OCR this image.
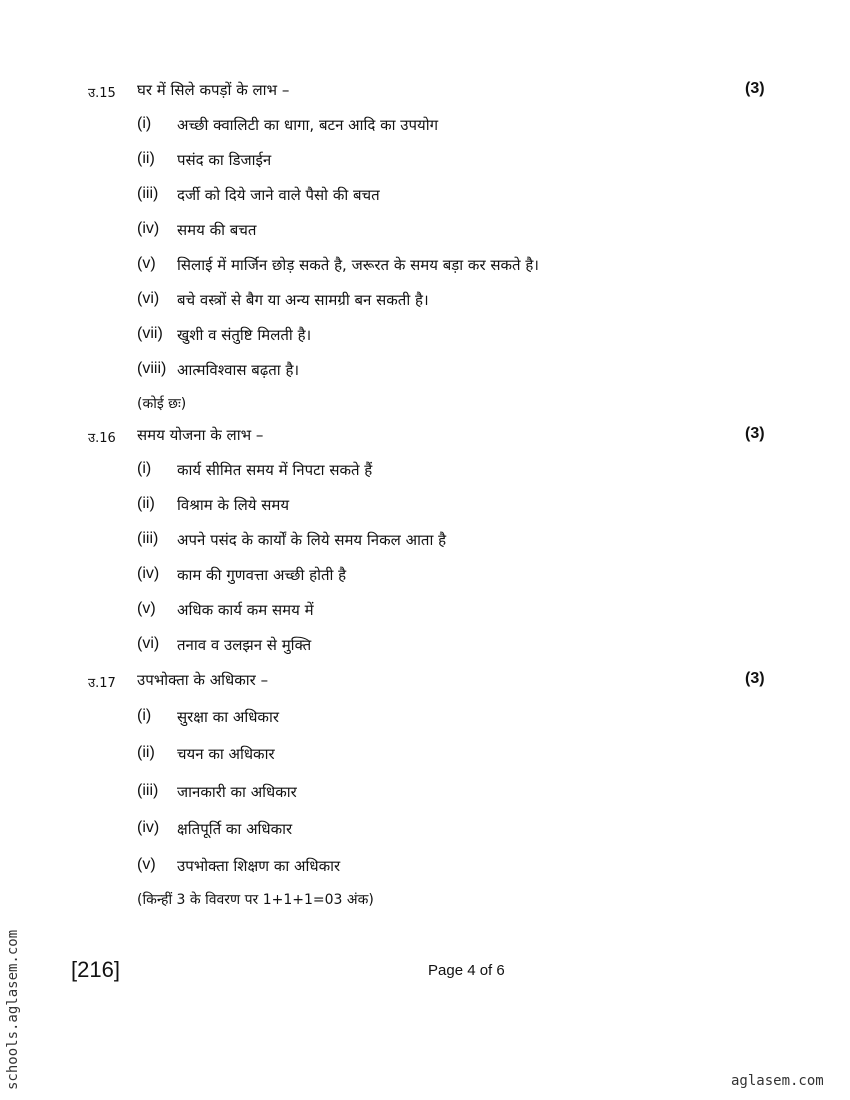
उ.15 घर में सिले कपड़ों के लाभ –	(3)
(i) अच्छी क्वालिटी का धागा, बटन आदि का उपयोग
(ii) पसंद का डिजाईन
(iii) दर्जी को दिये जाने वाले पैसो की बचत
(iv) समय की बचत
(v) सिलाई में मार्जिन छोड़ सकते है, जरूरत के समय बड़ा कर सकते है।
(vi) बचे वस्त्रों से बैग या अन्य सामग्री बन सकती है।
(vii) खुशी व संतुष्टि मिलती है।
(viii) आत्मविश्वास बढ़ता है।
(कोई छः)
उ.16 समय योजना के लाभ –	(3)
(i) कार्य सीमित समय में निपटा सकते हैं
(ii) विश्राम के लिये समय
(iii) अपने पसंद के कार्यों के लिये समय निकल आता है
(iv) काम की गुणवत्ता अच्छी होती है
(v) अधिक कार्य कम समय में
(vi) तनाव व उलझन से मुक्ति
उ.17 उपभोक्ता के अधिकार –	(3)
(i) सुरक्षा का अधिकार
(ii) चयन का अधिकार
(iii) जानकारी का अधिकार
(iv) क्षतिपूर्ति का अधिकार
(v) उपभोक्ता शिक्षण का अधिकार
(किन्हीं 3 के विवरण पर 1+1+1=03 अंक)
[216]	Page 4 of 6
schools.aglasem.com	aglasem.com
